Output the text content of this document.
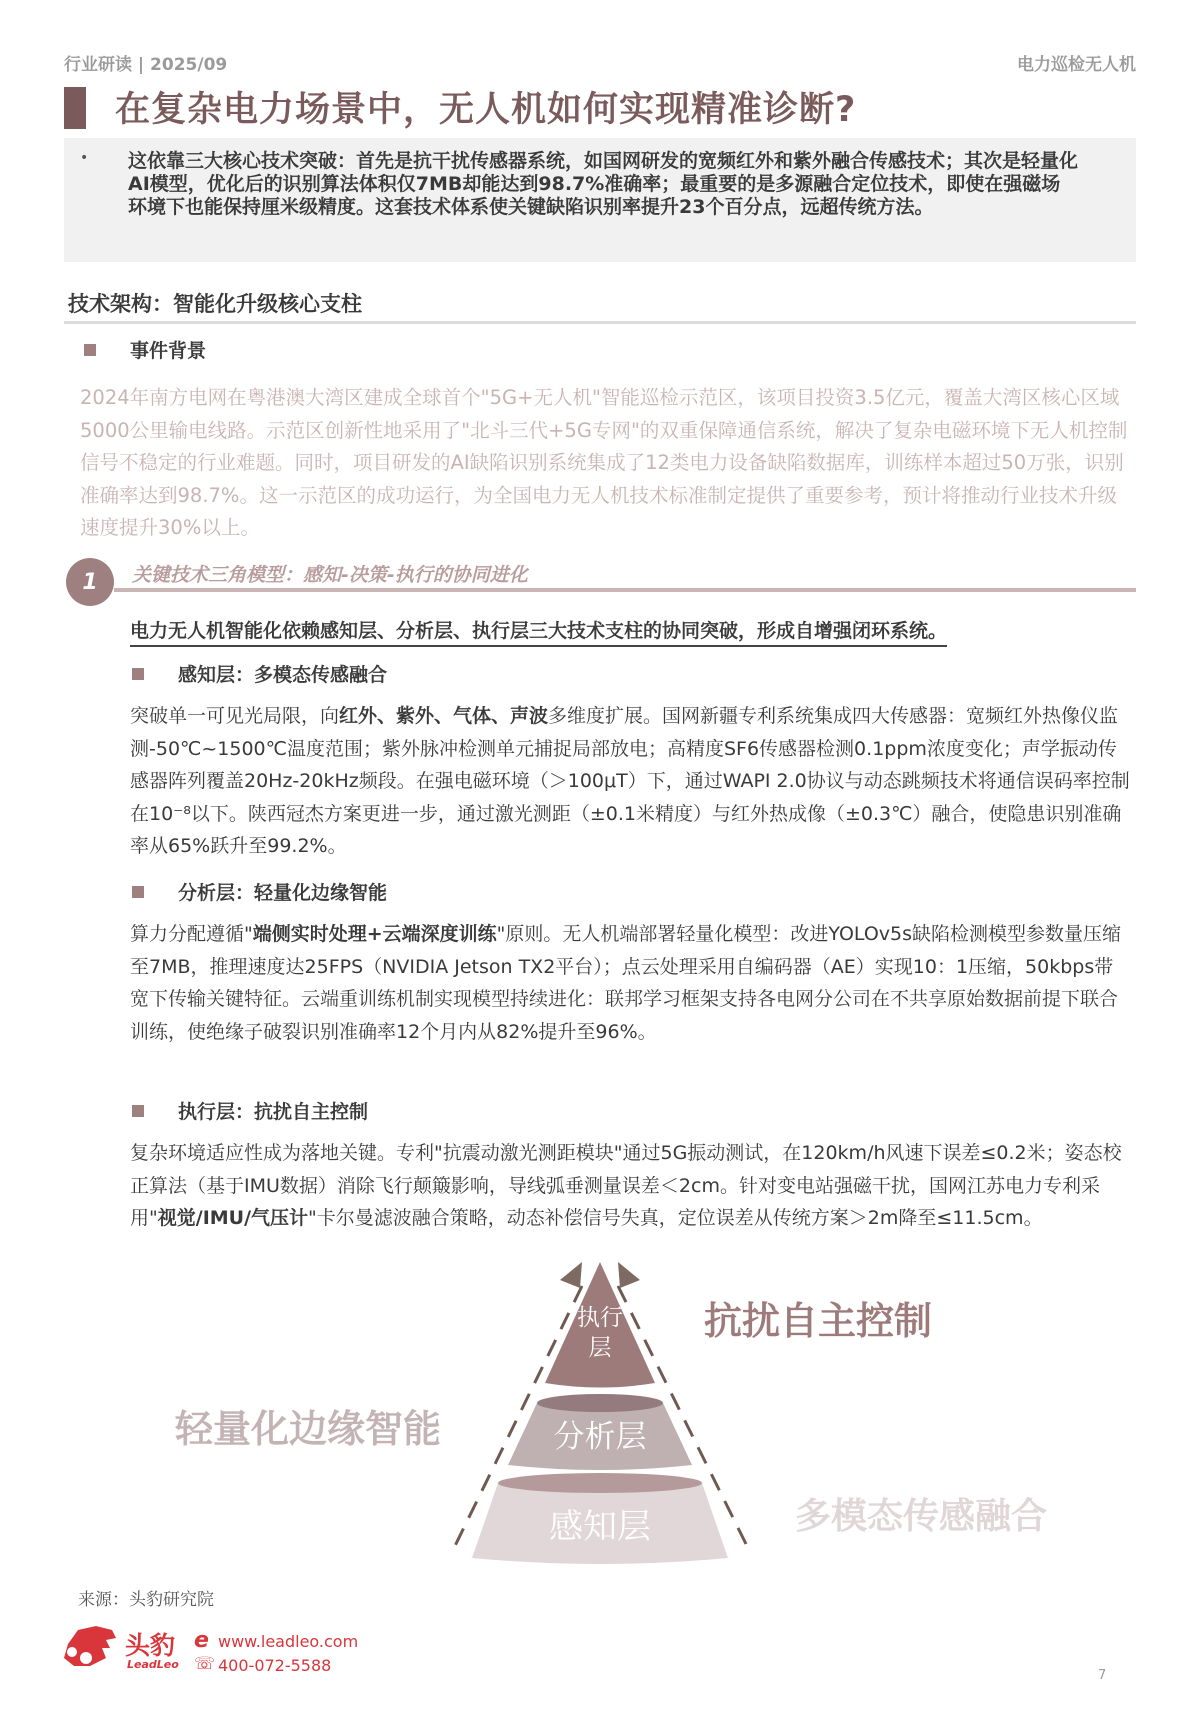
行业研读 | 2025/09	电力巡检无人机
在复杂电力场景中，无人机如何实现精准诊断?
• 这依靠三大核心技术突破：首先是抗干扰传感器系统，如国网研发的宽频红外和紫外融合传感技术；其次是轻量化AI模型，优化后的识别算法体积仅7MB却能达到98.7%准确率；最重要的是多源融合定位技术，即使在强磁场环境下也能保持厘米级精度。这套技术体系使关键缺陷识别率提升23个百分点，远超传统方法。
技术架构：智能化升级核心支柱
事件背景
2024年南方电网在粤港澳大湾区建成全球首个"5G+无人机"智能巡检示范区，该项目投资3.5亿元，覆盖大湾区核心区域5000公里输电线路。示范区创新性地采用了"北斗三代+5G专网"的双重保障通信系统，解决了复杂电磁环境下无人机控制信号不稳定的行业难题。同时，项目研发的AI缺陷识别系统集成了12类电力设备缺陷数据库，训练样本超过50万张，识别准确率达到98.7%。这一示范区的成功运行，为全国电力无人机技术标准制定提供了重要参考，预计将推动行业技术升级速度提升30%以上。
1	关键技术三角模型：感知-决策-执行的协同进化
电力无人机智能化依赖感知层、分析层、执行层三大技术支柱的协同突破，形成自增强闭环系统。
感知层：多模态传感融合
突破单一可见光局限，向红外、紫外、气体、声波多维度扩展。国网新疆专利系统集成四大传感器：宽频红外热像仪监测-50℃~1500℃温度范围；紫外脉冲检测单元捕捉局部放电；高精度SF6传感器检测0.1ppm浓度变化；声学振动传感器阵列覆盖20Hz-20kHz频段。在强电磁环境（＞100μT）下，通过WAPI 2.0协议与动态跳频技术将通信误码率控制在10⁻⁸以下。陕西冠杰方案更进一步，通过激光测距（±0.1米精度）与红外热成像（±0.3℃）融合，使隐患识别准确率从65%跃升至99.2%。
分析层：轻量化边缘智能
算力分配遵循"端侧实时处理+云端深度训练"原则。无人机端部署轻量化模型：改进YOLOv5s缺陷检测模型参数量压缩至7MB，推理速度达25FPS（NVIDIA Jetson TX2平台）；点云处理采用自编码器（AE）实现10：1压缩，50kbps带宽下传输关键特征。云端重训练机制实现模型持续进化：联邦学习框架支持各电网分公司在不共享原始数据前提下联合训练，使绝缘子破裂识别准确率12个月内从82%提升至96%。
执行层：抗扰自主控制
复杂环境适应性成为落地关键。专利"抗震动激光测距模块"通过5G振动测试，在120km/h风速下误差≤0.2米；姿态校正算法（基于IMU数据）消除飞行颠簸影响，导线弧垂测量误差＜2cm。针对变电站强磁干扰，国网江苏电力专利采用"视觉/IMU/气压计"卡尔曼滤波融合策略，动态补偿信号失真，定位误差从传统方案＞2m降至≤11.5cm。
执行
层
分析层
感知层
抗扰自主控制
轻量化边缘智能
多模态传感融合
来源：头豹研究院
头豹
LeadLeo
e www.leadleo.com
☏ 400-072-5588
7
